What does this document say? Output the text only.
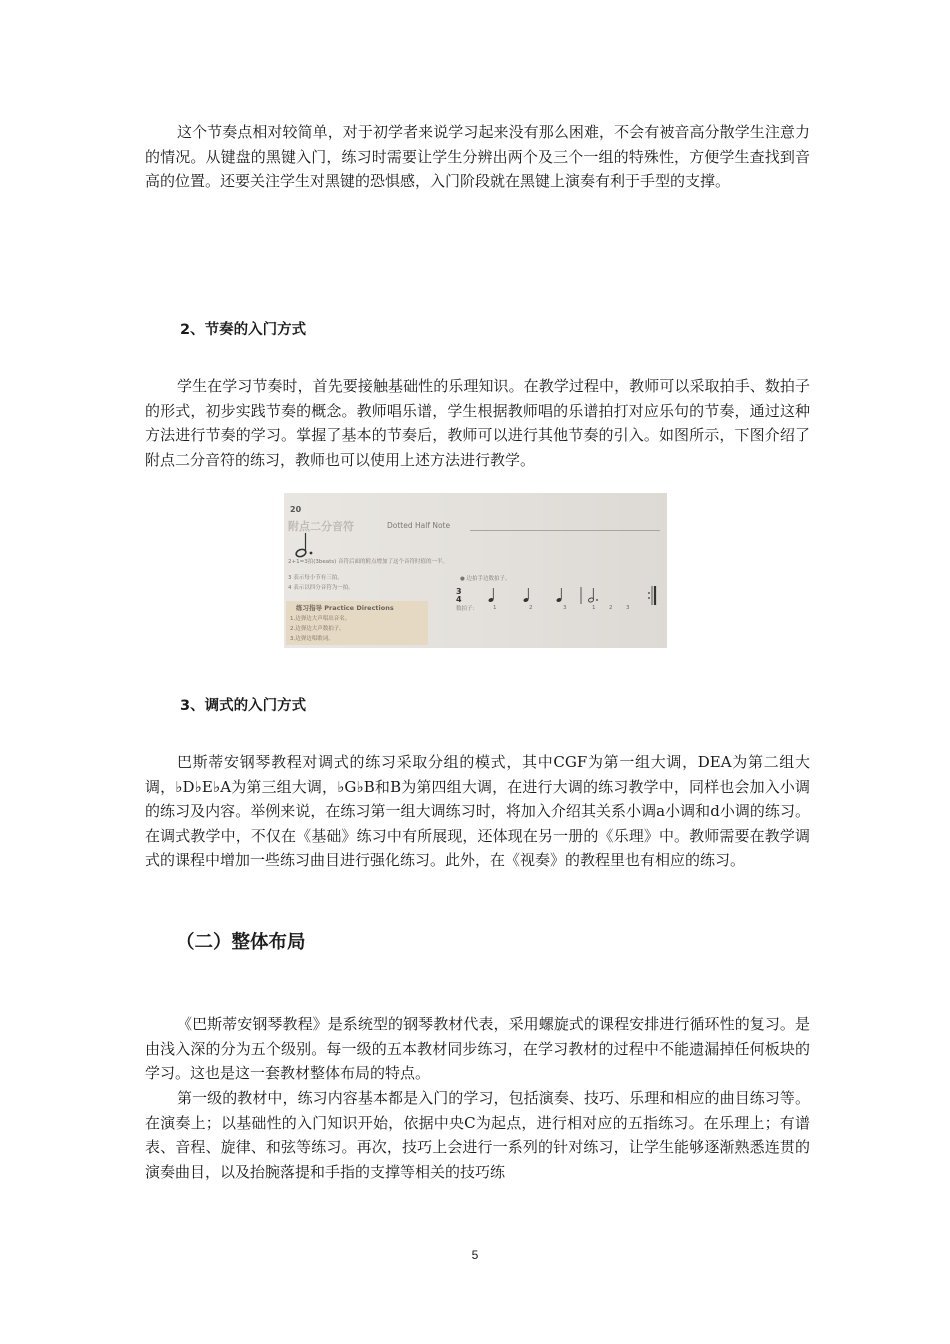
这个节奏点相对较简单，对于初学者来说学习起来没有那么困难，不会有被音高分散学生注意力的情况。从键盘的黑键入门，练习时需要让学生分辨出两个及三个一组的特殊性，方便学生查找到音高的位置。还要关注学生对黑键的恐惧感，入门阶段就在黑键上演奏有利于手型的支撑。

2、节奏的入门方式

学生在学习节奏时，首先要接触基础性的乐理知识。在教学过程中，教师可以采取拍手、数拍子的形式，初步实践节奏的概念。教师唱乐谱，学生根据教师唱的乐谱拍打对应乐句的节奏，通过这种方法进行节奏的学习。掌握了基本的节奏后，教师可以进行其他节奏的引入。如图所示，下图介绍了附点二分音符的练习，教师也可以使用上述方法进行教学。

20
附点二分音符	Dotted Half Note
2+1=3拍(3beats) 音符后面的附点增加了这个音符时值的一半。
3 表示每小节有三拍。
4 表示以四分音符为一拍。
● 边拍手边数拍子。
3
4
数拍子：	1	2	3	1 2 3
练习指导 Practice Directions
1.边弹边大声唱出音名。
2.边弹边大声数拍子。
3.边弹边唱歌词。
3、调式的入门方式

巴斯蒂安钢琴教程对调式的练习采取分组的模式，其中CGF为第一组大调，DEA为第二组大调，♭D♭E♭A为第三组大调，♭G♭B和B为第四组大调，在进行大调的练习教学中，同样也会加入小调的练习及内容。举例来说，在练习第一组大调练习时，将加入介绍其关系小调a小调和d小调的练习。在调式教学中，不仅在《基础》练习中有所展现，还体现在另一册的《乐理》中。教师需要在教学调式的课程中增加一些练习曲目进行强化练习。此外，在《视奏》的教程里也有相应的练习。

（二）整体布局

《巴斯蒂安钢琴教程》是系统型的钢琴教材代表，采用螺旋式的课程安排进行循环性的复习。是由浅入深的分为五个级别。每一级的五本教材同步练习，在学习教材的过程中不能遗漏掉任何板块的学习。这也是这一套教材整体布局的特点。

第一级的教材中，练习内容基本都是入门的学习，包括演奏、技巧、乐理和相应的曲目练习等。在演奏上；以基础性的入门知识开始，依据中央C为起点，进行相对应的五指练习。在乐理上；有谱表、音程、旋律、和弦等练习。再次，技巧上会进行一系列的针对练习，让学生能够逐渐熟悉连贯的演奏曲目，以及抬腕落提和手指的支撑等相关的技巧练

5
